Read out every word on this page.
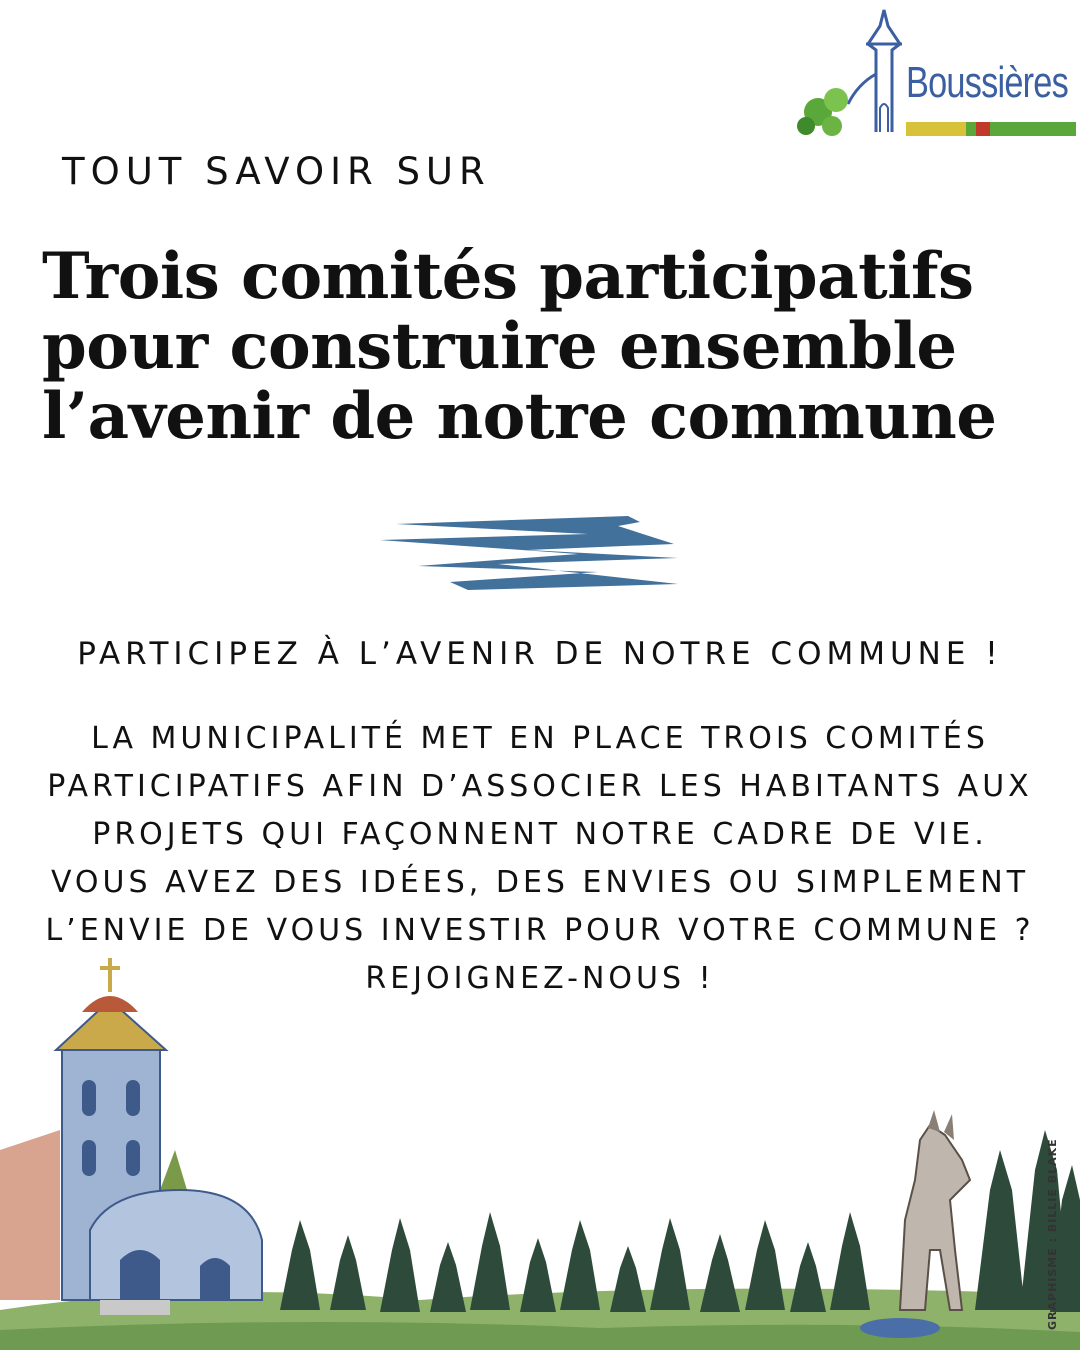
Boussières
TOUT SAVOIR SUR
Trois comités participatifs
pour construire ensemble
l’avenir de notre commune
PARTICIPEZ À L’AVENIR DE NOTRE COMMUNE !
LA MUNICIPALITÉ MET EN PLACE TROIS COMITÉS
PARTICIPATIFS AFIN D’ASSOCIER LES HABITANTS AUX
PROJETS QUI FAÇONNENT NOTRE CADRE DE VIE.
VOUS AVEZ DES IDÉES, DES ENVIES OU SIMPLEMENT
L’ENVIE DE VOUS INVESTIR POUR VOTRE COMMUNE ?
REJOIGNEZ-NOUS !
GRAPHISME : BILLIE BLAKE
